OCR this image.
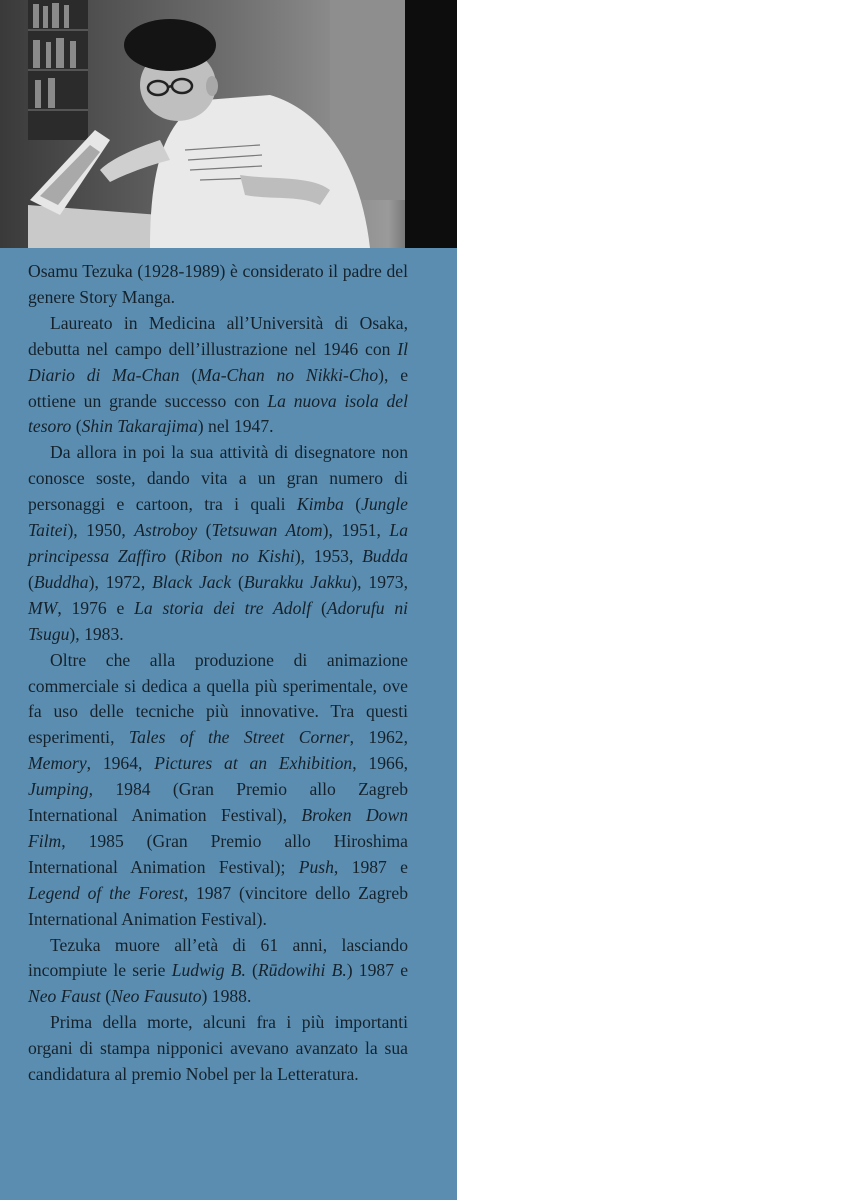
Osamu Tezuka (1928-1989) è considerato il padre del genere Story Manga.

Laureato in Medicina all’Università di Osaka, debutta nel campo dell’illustrazione nel 1946 con Il Diario di Ma-Chan (Ma-Chan no Nikki-Cho), e ottiene un grande successo con La nuova isola del tesoro (Shin Takarajima) nel 1947.

Da allora in poi la sua attività di disegnatore non conosce soste, dando vita a un gran numero di personaggi e cartoon, tra i quali Kimba (Jungle Taitei), 1950, Astroboy (Tetsuwan Atom), 1951, La principessa Zaffiro (Ribon no Kishi), 1953, Budda (Buddha), 1972, Black Jack (Burakku Jakku), 1973, MW, 1976 e La storia dei tre Adolf (Adorufu ni Tsugu), 1983.

Oltre che alla produzione di animazione commerciale si dedica a quella più sperimentale, ove fa uso delle tecniche più innovative. Tra questi esperimenti, Tales of the Street Corner, 1962, Memory, 1964, Pictures at an Exhibition, 1966, Jumping, 1984 (Gran Premio allo Zagreb International Animation Festival), Broken Down Film, 1985 (Gran Premio allo Hiroshima International Animation Festival); Push, 1987 e Legend of the Forest, 1987 (vincitore dello Zagreb International Animation Festival).

Tezuka muore all’età di 61 anni, lasciando incompiute le serie Ludwig B. (Rūdowihi B.) 1987 e Neo Faust (Neo Fausuto) 1988.

Prima della morte, alcuni fra i più importanti organi di stampa nipponici avevano avanzato la sua candidatura al premio Nobel per la Letteratura.
